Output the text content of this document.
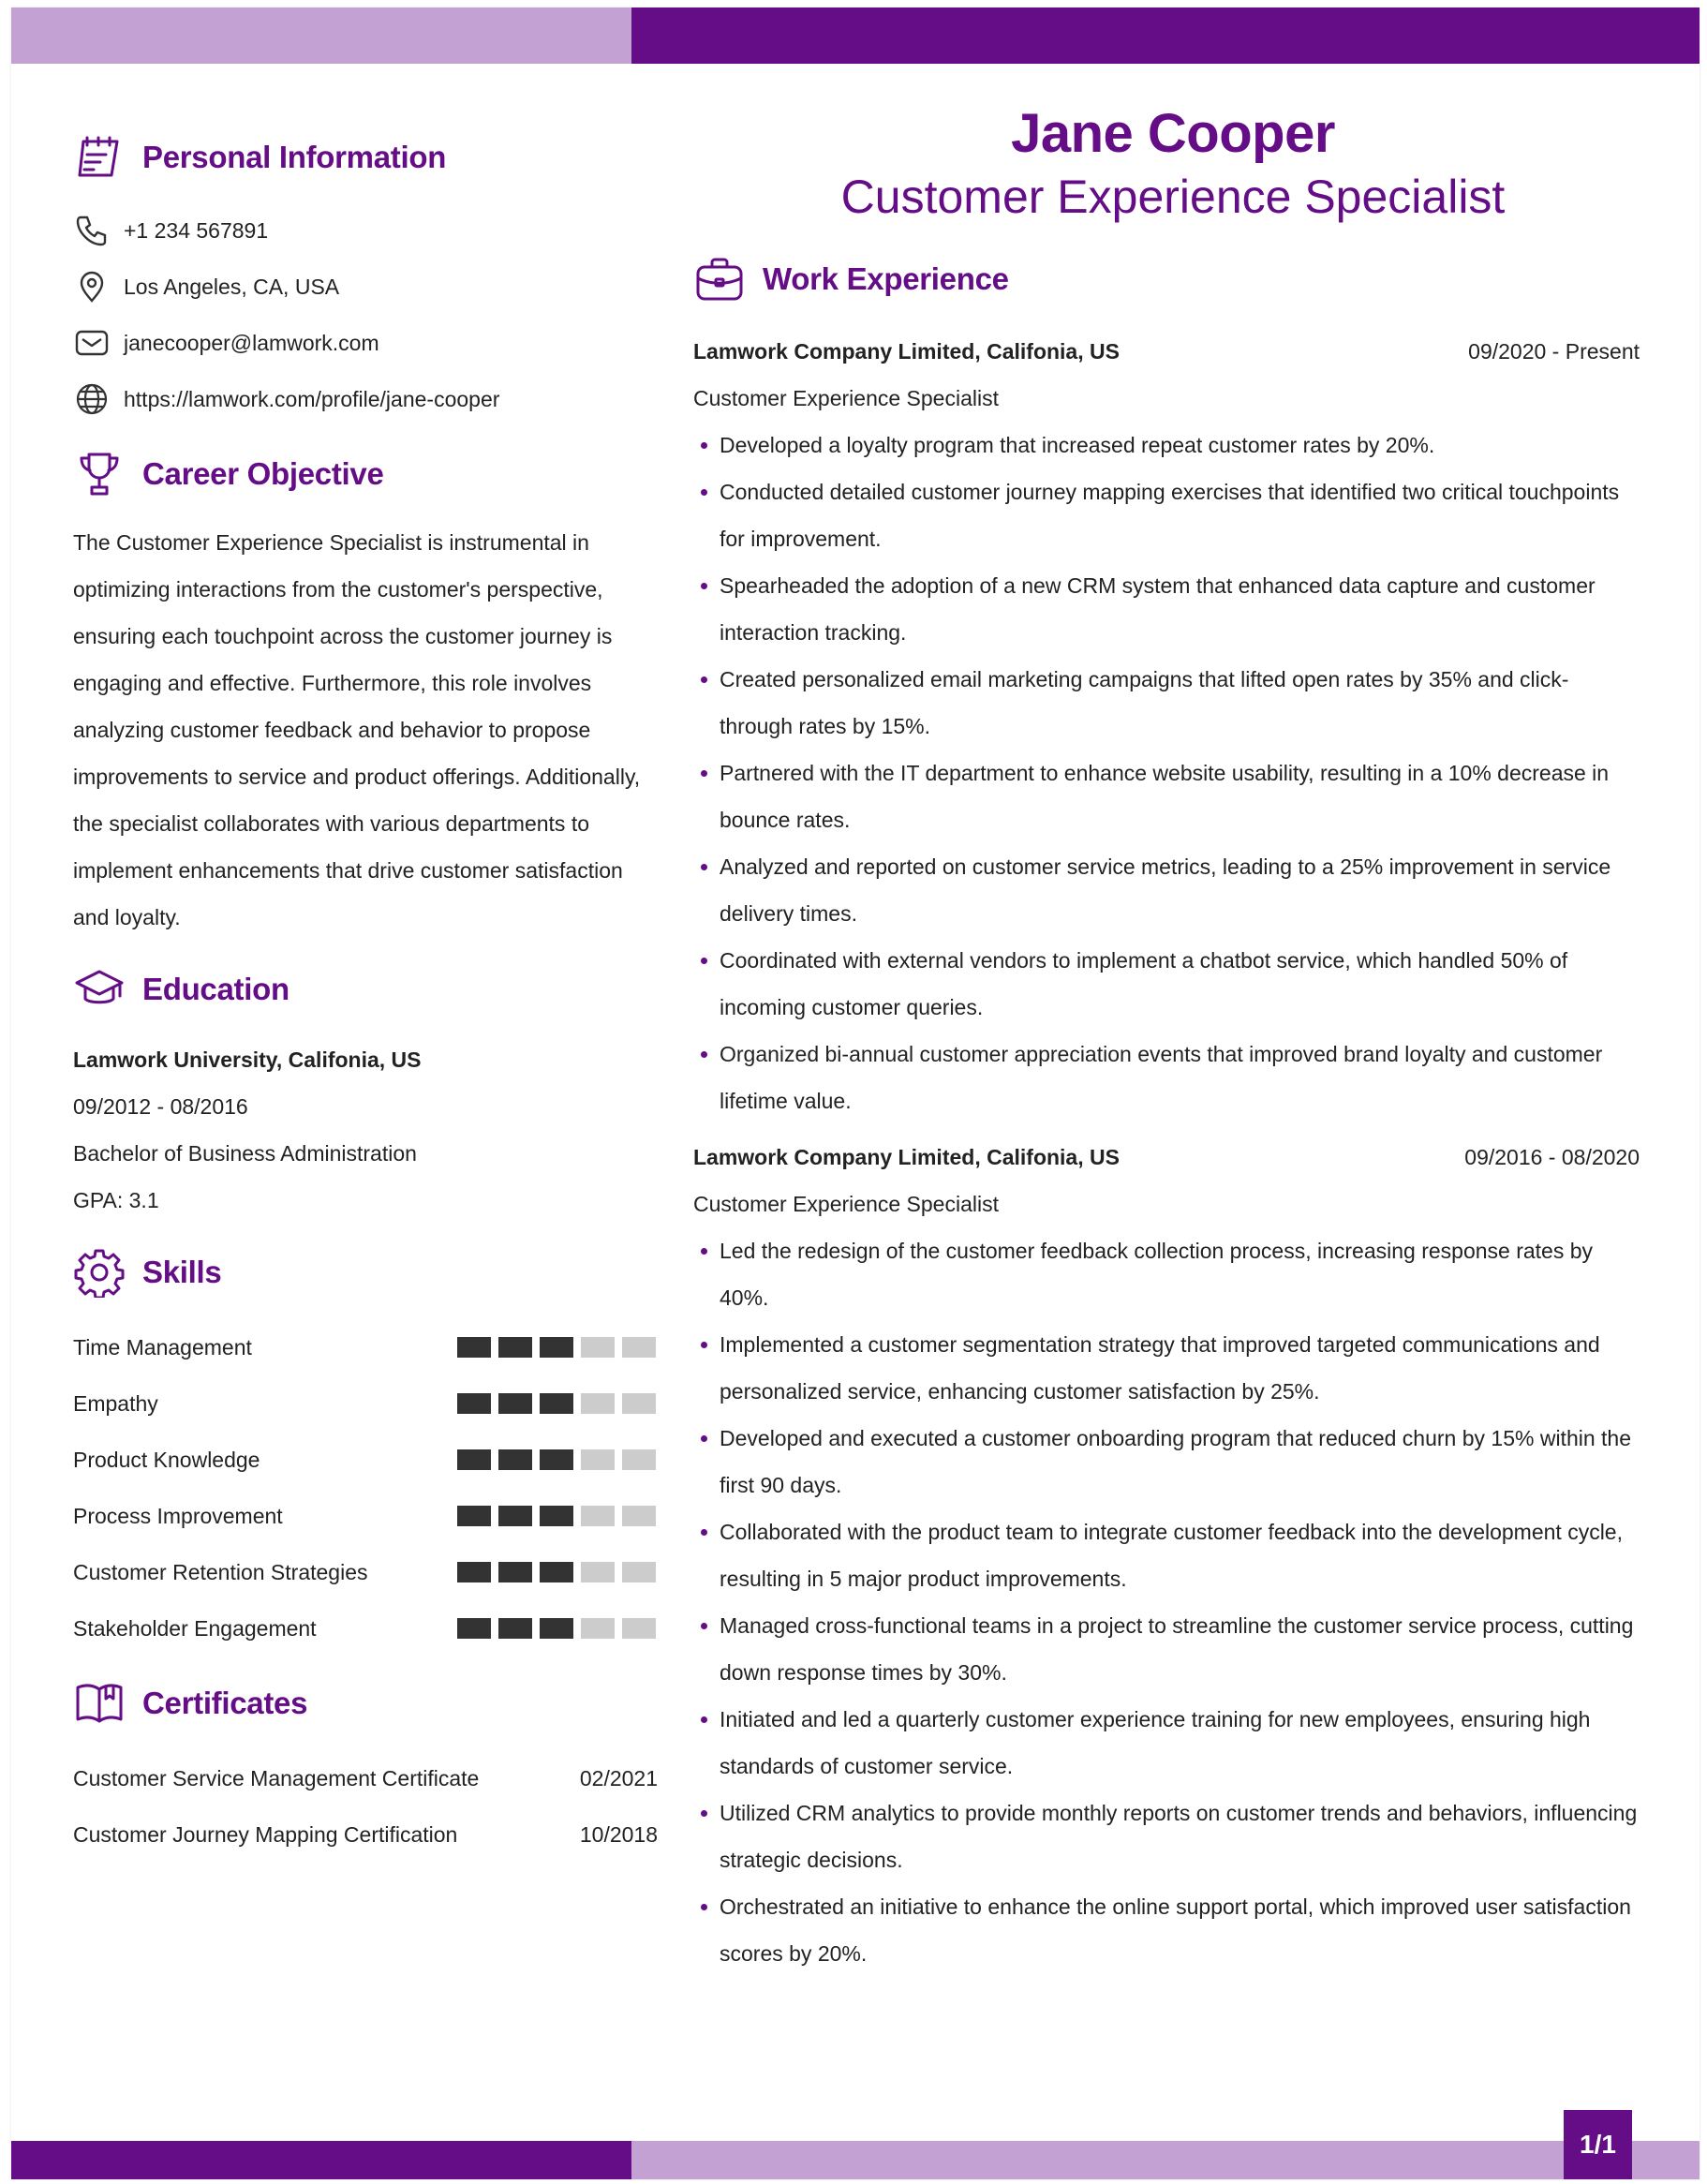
1/1
Personal Information
+1 234 567891
Los Angeles, CA, USA
janecooper@lamwork.com
https://lamwork.com/profile/jane-cooper
Career Objective

The Customer Experience Specialist is instrumental in optimizing interactions from the customer's perspective, ensuring each touchpoint across the customer journey is engaging and effective. Furthermore, this role involves analyzing customer feedback and behavior to propose improvements to service and product offerings. Additionally, the specialist collaborates with various departments to implement enhancements that drive customer satisfaction and loyalty.

Education
Lamwork University, Califonia, US
09/2012 - 08/2016
Bachelor of Business Administration
GPA: 3.1
Skills
Time Management
Empathy
Product Knowledge
Process Improvement
Customer Retention Strategies
Stakeholder Engagement
Certificates
Customer Service Management Certificate	02/2021
Customer Journey Mapping Certification	10/2018
Jane Cooper
Customer Experience Specialist
Work Experience
Lamwork Company Limited, Califonia, US	09/2020 - Present
Customer Experience Specialist
Developed a loyalty program that increased repeat customer rates by 20%.
Conducted detailed customer journey mapping exercises that identified two critical touchpoints for improvement.
Spearheaded the adoption of a new CRM system that enhanced data capture and customer interaction tracking.
Created personalized email marketing campaigns that lifted open rates by 35% and click-through rates by 15%.
Partnered with the IT department to enhance website usability, resulting in a 10% decrease in bounce rates.
Analyzed and reported on customer service metrics, leading to a 25% improvement in service delivery times.
Coordinated with external vendors to implement a chatbot service, which handled 50% of incoming customer queries.
Organized bi-annual customer appreciation events that improved brand loyalty and customer lifetime value.
Lamwork Company Limited, Califonia, US	09/2016 - 08/2020
Customer Experience Specialist
Led the redesign of the customer feedback collection process, increasing response rates by 40%.
Implemented a customer segmentation strategy that improved targeted communications and personalized service, enhancing customer satisfaction by 25%.
Developed and executed a customer onboarding program that reduced churn by 15% within the first 90 days.
Collaborated with the product team to integrate customer feedback into the development cycle, resulting in 5 major product improvements.
Managed cross-functional teams in a project to streamline the customer service process, cutting down response times by 30%.
Initiated and led a quarterly customer experience training for new employees, ensuring high standards of customer service.
Utilized CRM analytics to provide monthly reports on customer trends and behaviors, influencing strategic decisions.
Orchestrated an initiative to enhance the online support portal, which improved user satisfaction scores by 20%.
